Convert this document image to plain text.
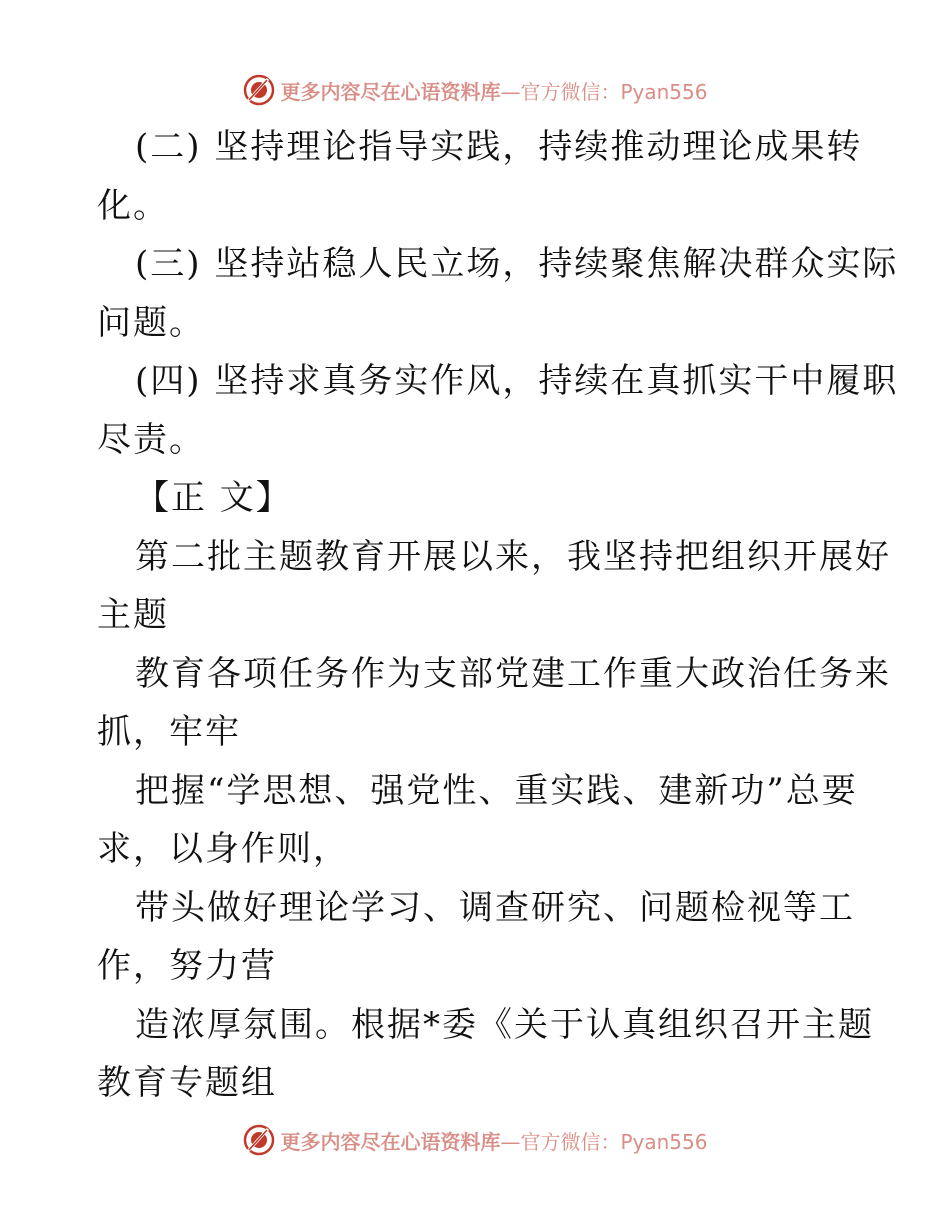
更多内容尽在心语资料库—官方微信：Pyan556

(二) 坚持理论指导实践，持续推动理论成果转

化。

(三) 坚持站稳人民立场，持续聚焦解决群众实际

问题。

(四) 坚持求真务实作风，持续在真抓实干中履职

尽责。

【正 文】

第二批主题教育开展以来，我坚持把组织开展好

主题

教育各项任务作为支部党建工作重大政治任务来

抓，牢牢

把握“学思想、强党性、重实践、建新功”总要

求，以身作则，

带头做好理论学习、调查研究、问题检视等工

作，努力营

造浓厚氛围。根据*委《关于认真组织召开主题

教育专题组

更多内容尽在心语资料库—官方微信：Pyan556
